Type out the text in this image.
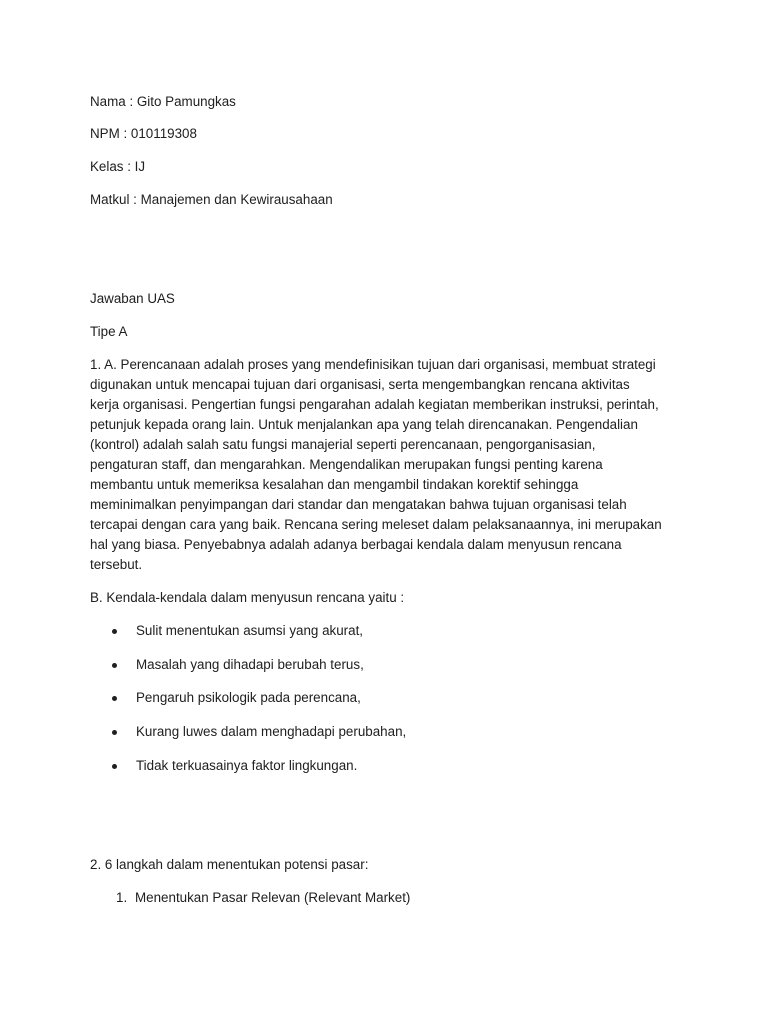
Nama : Gito Pamungkas
NPM : 010119308
Kelas : IJ
Matkul : Manajemen dan Kewirausahaan
Jawaban UAS
Tipe A
1. A. Perencanaan adalah proses yang mendefinisikan tujuan dari organisasi, membuat strategi
digunakan untuk mencapai tujuan dari organisasi, serta mengembangkan rencana aktivitas
kerja organisasi. Pengertian fungsi pengarahan adalah kegiatan memberikan instruksi, perintah,
petunjuk kepada orang lain. Untuk menjalankan apa yang telah direncanakan. Pengendalian
(kontrol) adalah salah satu fungsi manajerial seperti perencanaan, pengorganisasian,
pengaturan staff, dan mengarahkan. Mengendalikan merupakan fungsi penting karena
membantu untuk memeriksa kesalahan dan mengambil tindakan korektif sehingga
meminimalkan penyimpangan dari standar dan mengatakan bahwa tujuan organisasi telah
tercapai dengan cara yang baik. Rencana sering meleset dalam pelaksanaannya, ini merupakan
hal yang biasa. Penyebabnya adalah adanya berbagai kendala dalam menyusun rencana
tersebut.
B. Kendala-kendala dalam menyusun rencana yaitu :
Sulit menentukan asumsi yang akurat,
Masalah yang dihadapi berubah terus,
Pengaruh psikologik pada perencana,
Kurang luwes dalam menghadapi perubahan,
Tidak terkuasainya faktor lingkungan.
2. 6 langkah dalam menentukan potensi pasar:
1. Menentukan Pasar Relevan (Relevant Market)
